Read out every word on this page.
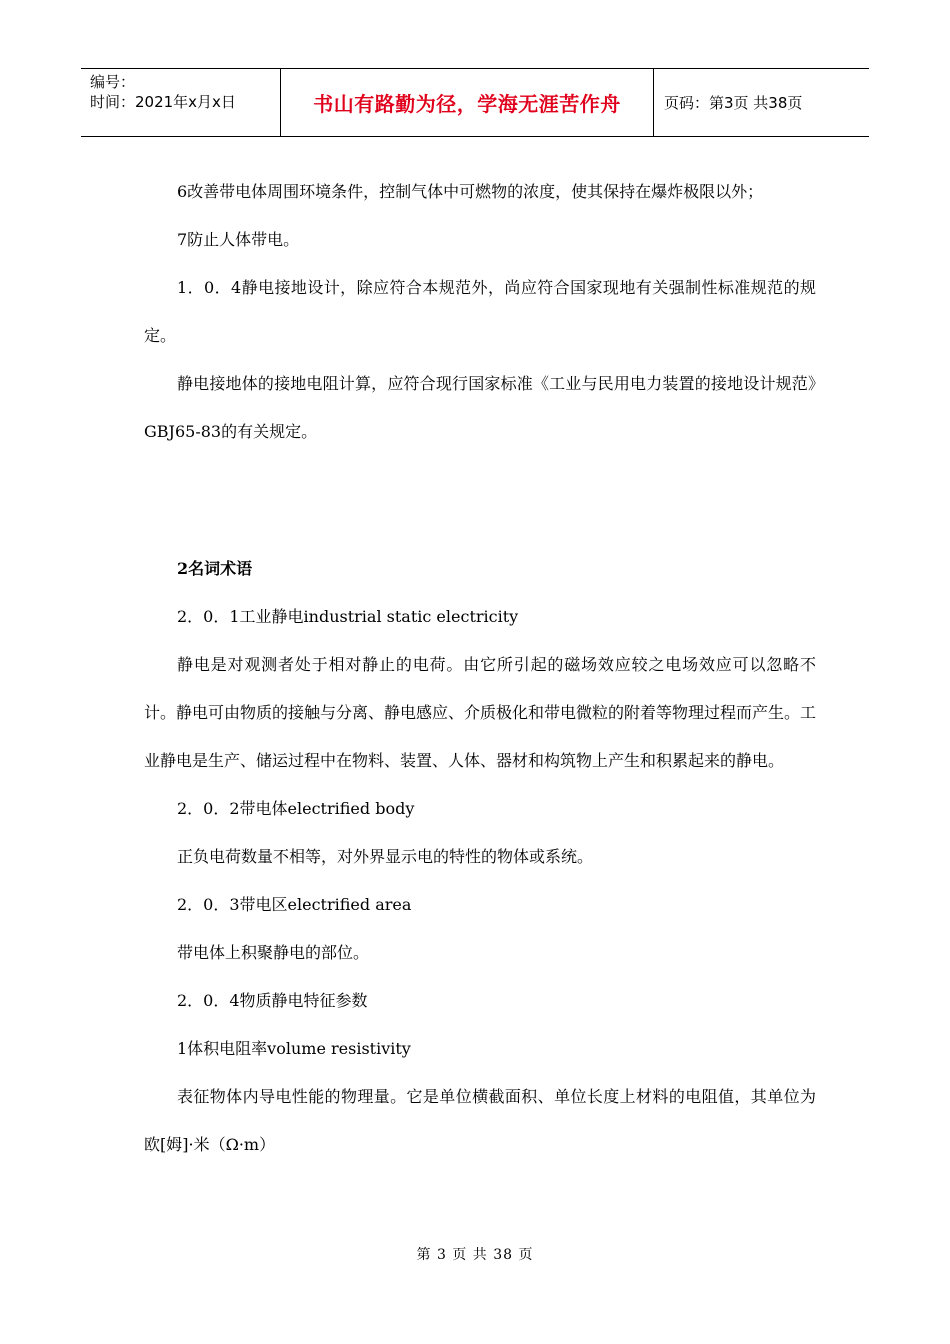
编号：
时间：2021年x月x日	书山有路勤为径，学海无涯苦作舟	页码：第3页 共38页

6改善带电体周围环境条件，控制气体中可燃物的浓度，使其保持在爆炸极限以外；

7防止人体带电。

1．0．4静电接地设计，除应符合本规范外，尚应符合国家现地有关强制性标准规范的规定。

静电接地体的接地电阻计算，应符合现行国家标准《工业与民用电力装置的接地设计规范》GBJ65-83的有关规定。

2名词术语

2．0．1工业静电industrial static electricity

静电是对观测者处于相对静止的电荷。由它所引起的磁场效应较之电场效应可以忽略不计。静电可由物质的接触与分离、静电感应、介质极化和带电微粒的附着等物理过程而产生。工业静电是生产、储运过程中在物料、装置、人体、器材和构筑物上产生和积累起来的静电。

2．0．2带电体electrified body

正负电荷数量不相等，对外界显示电的特性的物体或系统。

2．0．3带电区electrified area

带电体上积聚静电的部位。

2．0．4物质静电特征参数

1体积电阻率volume resistivity

表征物体内导电性能的物理量。它是单位横截面积、单位长度上材料的电阻值，其单位为欧[姆]·米（Ω·m）

第 3 页 共 38 页
